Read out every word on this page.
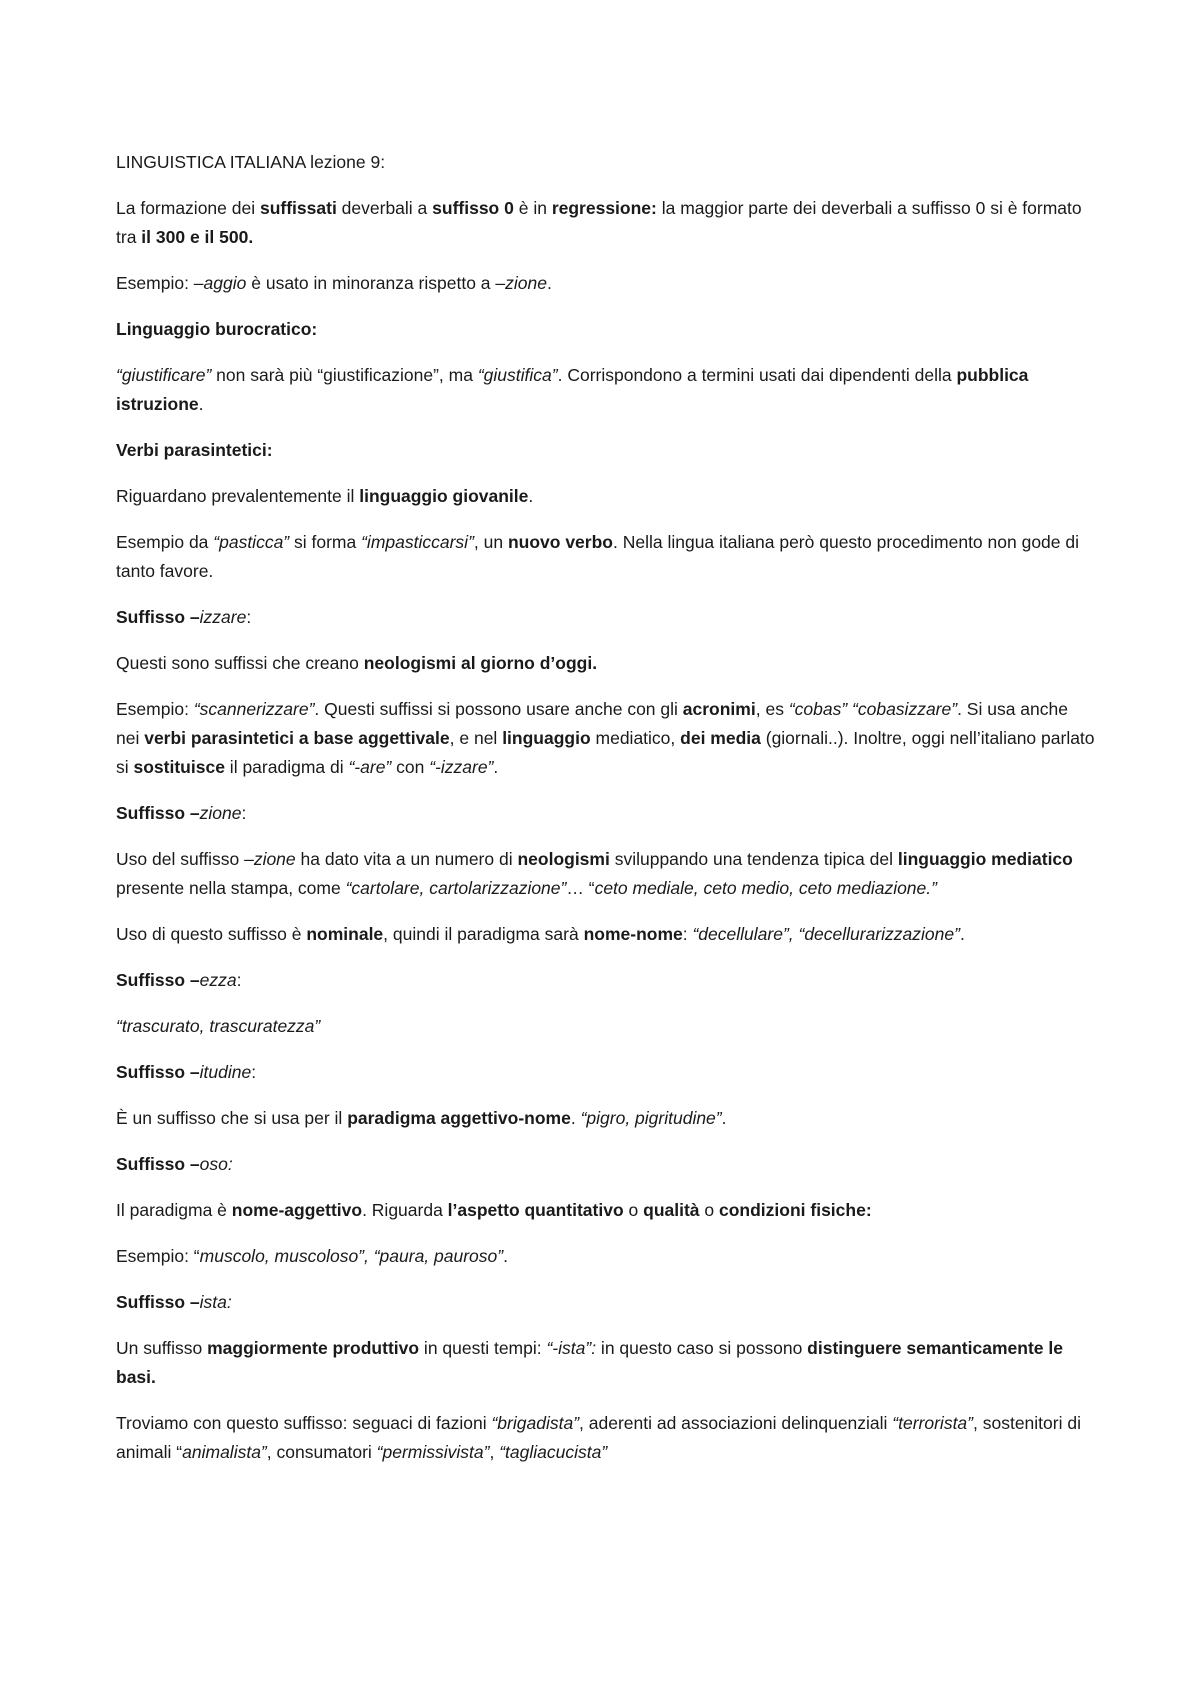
LINGUISTICA ITALIANA lezione 9:

La formazione dei suffissati deverbali a suffisso 0 è in regressione: la maggior parte dei deverbali a suffisso 0 si è formato tra il 300 e il 500.

Esempio: –aggio è usato in minoranza rispetto a –zione.

Linguaggio burocratico:

“giustificare” non sarà più “giustificazione”, ma “giustifica”. Corrispondono a termini usati dai dipendenti della pubblica istruzione.

Verbi parasintetici:

Riguardano prevalentemente il linguaggio giovanile.

Esempio da “pasticca” si forma “impasticcarsi”, un nuovo verbo. Nella lingua italiana però questo procedimento non gode di tanto favore.

Suffisso –izzare:

Questi sono suffissi che creano neologismi al giorno d’oggi.

Esempio: “scannerizzare”. Questi suffissi si possono usare anche con gli acronimi, es “cobas” “cobasizzare”. Si usa anche nei verbi parasintetici a base aggettivale, e nel linguaggio mediatico, dei media (giornali..). Inoltre, oggi nell’italiano parlato si sostituisce il paradigma di “-are” con “-izzare”.

Suffisso –zione:

Uso del suffisso –zione ha dato vita a un numero di neologismi sviluppando una tendenza tipica del linguaggio mediatico presente nella stampa, come “cartolare, cartolarizzazione”… “ceto mediale, ceto medio, ceto mediazione.”

Uso di questo suffisso è nominale, quindi il paradigma sarà nome-nome: “decellulare”, “decellurarizzazione”.

Suffisso –ezza:

“trascurato, trascuratezza”

Suffisso –itudine:

È un suffisso che si usa per il paradigma aggettivo-nome. “pigro, pigritudine”.

Suffisso –oso:

Il paradigma è nome-aggettivo. Riguarda l’aspetto quantitativo o qualità o condizioni fisiche:

Esempio: “muscolo, muscoloso”, “paura, pauroso”.

Suffisso –ista:

Un suffisso maggiormente produttivo in questi tempi: “-ista”: in questo caso si possono distinguere semanticamente le basi.

Troviamo con questo suffisso: seguaci di fazioni “brigadista”, aderenti ad associazioni delinquenziali “terrorista”, sostenitori di animali “animalista”, consumatori “permissivista”, “tagliacucista”
